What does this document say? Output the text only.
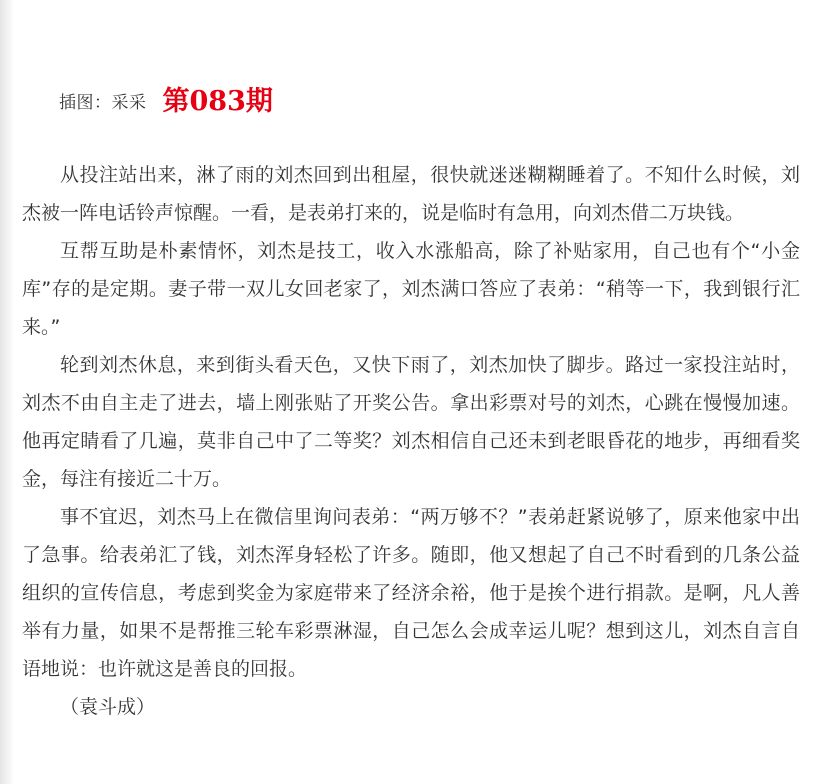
插图：采采 第083期

从投注站出来，淋了雨的刘杰回到出租屋，很快就迷迷糊糊睡着了。不知什么时候，刘杰被一阵电话铃声惊醒。一看，是表弟打来的，说是临时有急用，向刘杰借二万块钱。

互帮互助是朴素情怀，刘杰是技工，收入水涨船高，除了补贴家用，自己也有个“小金库”存的是定期。妻子带一双儿女回老家了，刘杰满口答应了表弟：“稍等一下，我到银行汇来。”

轮到刘杰休息，来到街头看天色，又快下雨了，刘杰加快了脚步。路过一家投注站时，刘杰不由自主走了进去，墙上刚张贴了开奖公告。拿出彩票对号的刘杰，心跳在慢慢加速。他再定睛看了几遍，莫非自己中了二等奖？刘杰相信自己还未到老眼昏花的地步，再细看奖金，每注有接近二十万。

事不宜迟，刘杰马上在微信里询问表弟：“两万够不？”表弟赶紧说够了，原来他家中出了急事。给表弟汇了钱，刘杰浑身轻松了许多。随即，他又想起了自己不时看到的几条公益组织的宣传信息，考虑到奖金为家庭带来了经济余裕，他于是挨个进行捐款。是啊，凡人善举有力量，如果不是帮推三轮车彩票淋湿，自己怎么会成幸运儿呢？想到这儿，刘杰自言自语地说：也许就这是善良的回报。

（袁斗成）
